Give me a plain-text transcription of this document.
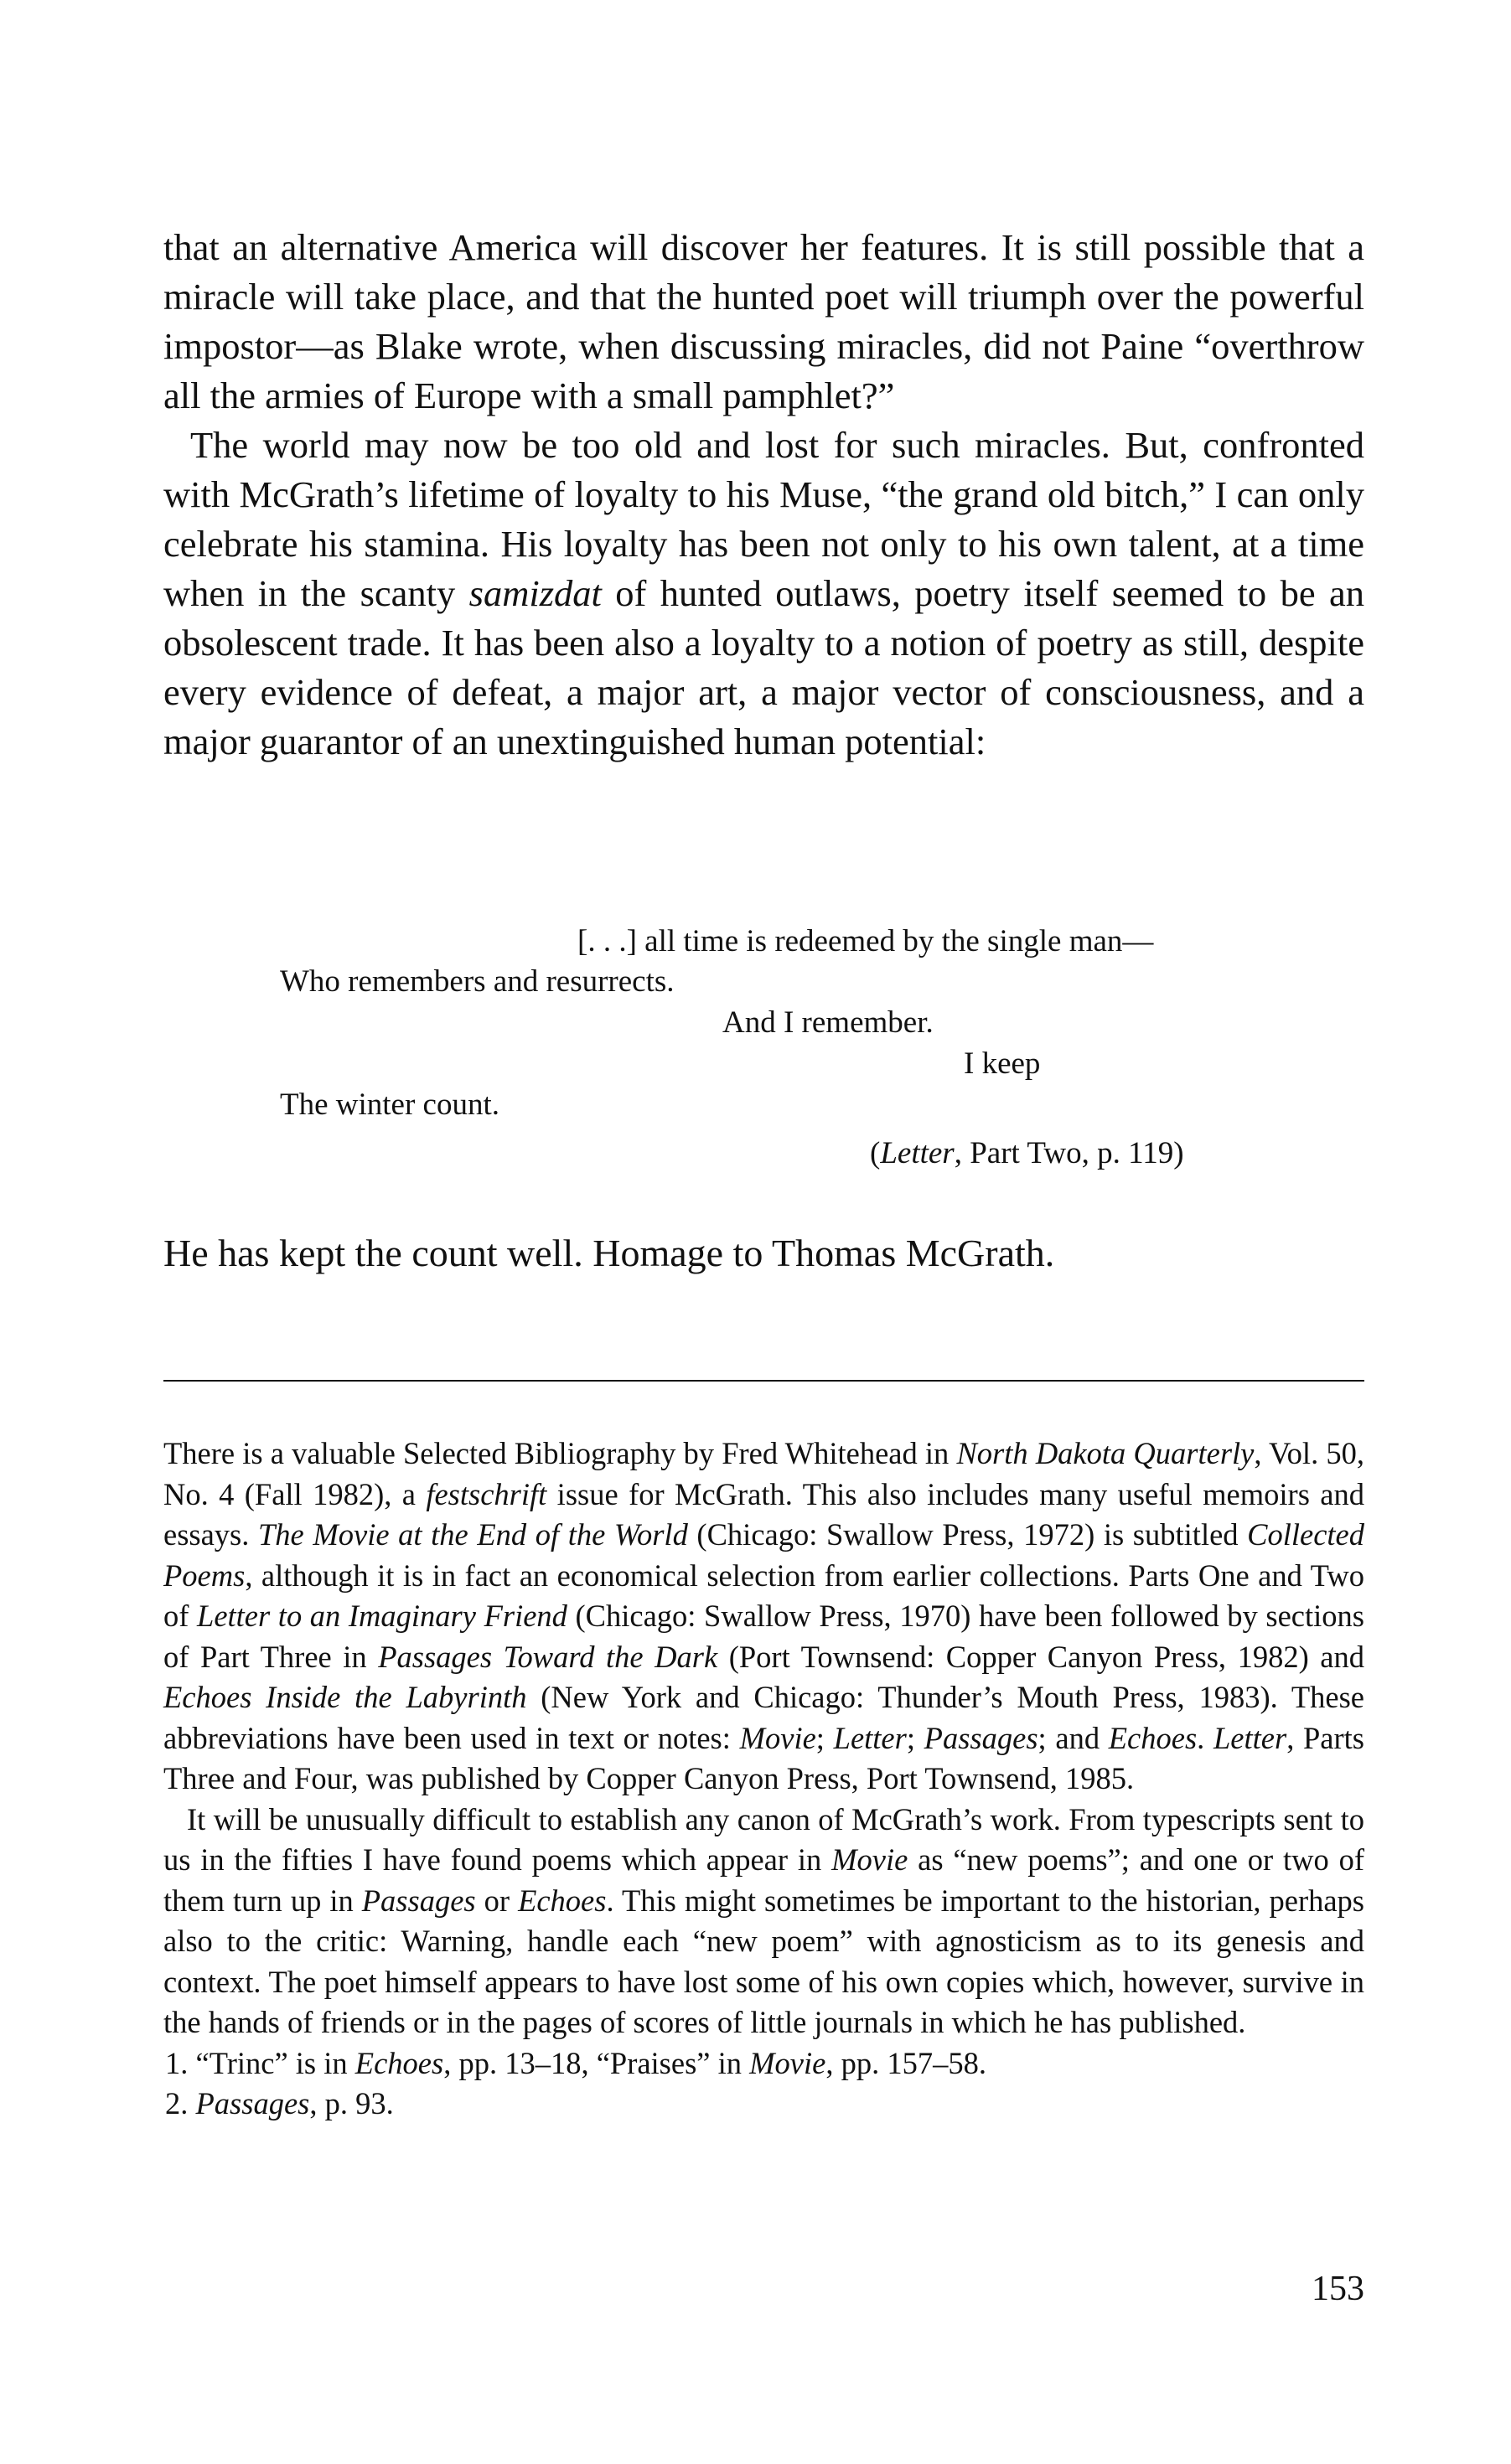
that an alternative America will discover her features. It is still possible that a miracle will take place, and that the hunted poet will triumph over the powerful impostor—as Blake wrote, when discussing miracles, did not Paine “overthrow all the armies of Europe with a small pamphlet?”

The world may now be too old and lost for such miracles. But, confronted with McGrath’s lifetime of loyalty to his Muse, “the grand old bitch,” I can only celebrate his stamina. His loyalty has been not only to his own talent, at a time when in the scanty samizdat of hunted outlaws, poetry itself seemed to be an obsolescent trade. It has been also a loyalty to a notion of poetry as still, despite every evidence of defeat, a major art, a major vector of consciousness, and a major guarantor of an unextinguished human potential:

[. . .] all time is redeemed by the single man—
Who remembers and resurrects.
And I remember.
I keep
The winter count.
(Letter, Part Two, p. 119)
He has kept the count well. Homage to Thomas McGrath.

There is a valuable Selected Bibliography by Fred Whitehead in North Dakota Quarterly, Vol. 50, No. 4 (Fall 1982), a festschrift issue for McGrath. This also includes many useful memoirs and essays. The Movie at the End of the World (Chicago: Swallow Press, 1972) is subtitled Collected Poems, although it is in fact an economical selection from earlier collections. Parts One and Two of Letter to an Imaginary Friend (Chicago: Swallow Press, 1970) have been followed by sections of Part Three in Passages Toward the Dark (Port Townsend: Copper Canyon Press, 1982) and Echoes Inside the Labyrinth (New York and Chicago: Thunder’s Mouth Press, 1983). These abbreviations have been used in text or notes: Movie; Letter; Passages; and Echoes. Letter, Parts Three and Four, was published by Copper Canyon Press, Port Townsend, 1985.

It will be unusually difficult to establish any canon of McGrath’s work. From typescripts sent to us in the fifties I have found poems which appear in Movie as “new poems”; and one or two of them turn up in Passages or Echoes. This might sometimes be important to the historian, perhaps also to the critic: Warning, handle each “new poem” with agnosticism as to its genesis and context. The poet himself appears to have lost some of his own copies which, however, survive in the hands of friends or in the pages of scores of little journals in which he has published.

1. “Trinc” is in Echoes, pp. 13–18, “Praises” in Movie, pp. 157–58.

2. Passages, p. 93.

153
